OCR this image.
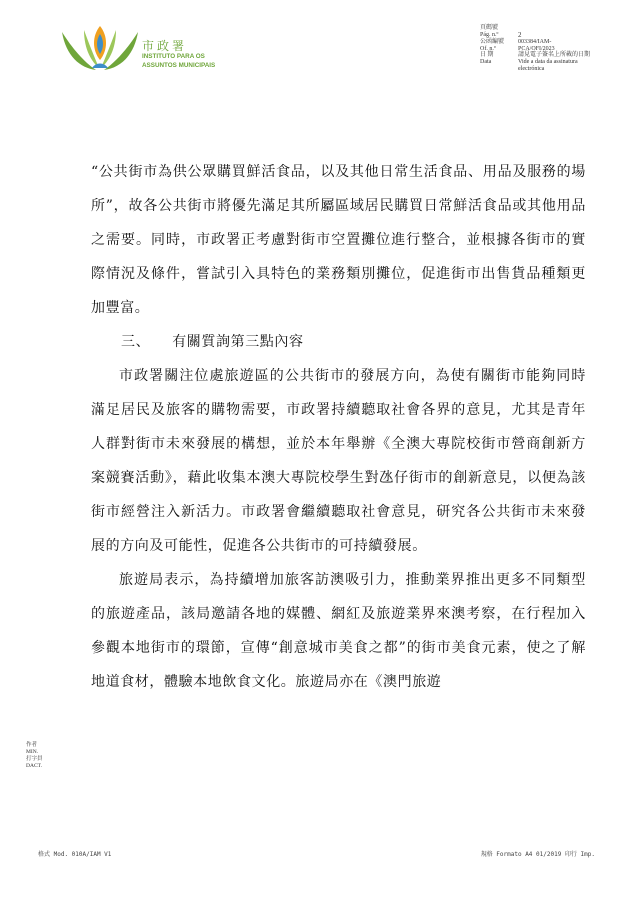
市政署
INSTITUTO PARA OS
ASSUNTOS MUNICIPAIS
頁碼號
Pág. n.º	2
公函編號	003384/IAM-
Of. n.º	PCA/OFI/2023
日 期	請見電子簽名上所載的日期
Data	Vide a data da assinatura
electrónica

“公共街市為供公眾購買鮮活食品，以及其他日常生活食品、用品及服務的場所”，故各公共街市將優先滿足其所屬區域居民購買日常鮮活食品或其他用品之需要。同時，市政署正考慮對街市空置攤位進行整合，並根據各街市的實際情況及條件，嘗試引入具特色的業務類別攤位，促進街市出售貨品種類更加豐富。

三、 有關質詢第三點內容

市政署關注位處旅遊區的公共街市的發展方向，為使有關街市能夠同時滿足居民及旅客的購物需要，市政署持續聽取社會各界的意見，尤其是青年人群對街市未來發展的構想，並於本年舉辦《全澳大專院校街市營商創新方案競賽活動》，藉此收集本澳大專院校學生對氹仔街市的創新意見，以便為該街市經營注入新活力。市政署會繼續聽取社會意見，研究各公共街市未來發展的方向及可能性，促進各公共街市的可持續發展。

旅遊局表示，為持續增加旅客訪澳吸引力，推動業界推出更多不同類型的旅遊產品，該局邀請各地的媒體、網紅及旅遊業界來澳考察，在行程加入參觀本地街市的環節，宣傳“創意城市美食之都”的街市美食元素，使之了解地道食材，體驗本地飲食文化。旅遊局亦在《澳門旅遊

作者
MIN.
打字員
DACT.
格式 Mod. 010A/IAM V1	規格 Formato A4 01/2019 印行 Imp.
